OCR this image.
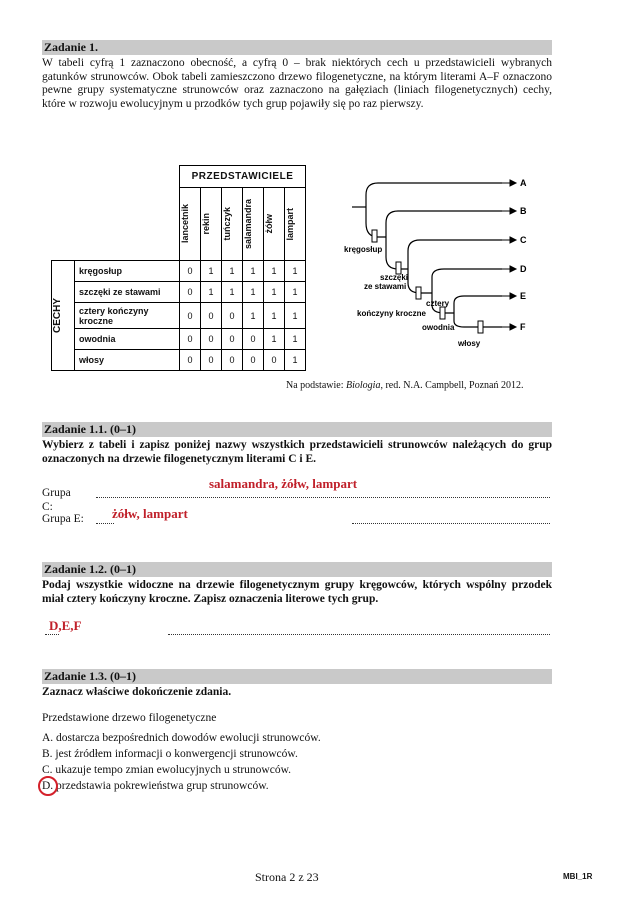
Zadanie 1.
W tabeli cyfrą 1 zaznaczono obecność, a cyfrą 0 – brak niektórych cech u przedstawicieli wybranych gatunków strunowców. Obok tabeli zamieszczono drzewo filogenetyczne, na którym literami A–F oznaczono pewne grupy systematyczne strunowców oraz zaznaczono na gałęziach (liniach filogenetycznych) cechy, które w rozwoju ewolucyjnym u przodków tych grup pojawiły się po raz pierwszy.
		PRZEDSTAWICIELE					

		lancetnik	rekin	tuńczyk	salamandra	żółw	lampart

CECHY	kręgosłup	0	1	1	1	1	1
	szczęki ze stawami	0	1	1	1	1	1
	cztery kończyny kroczne	0	0	0	1	1	1
	owodnia	0	0	0	0	1	1
	włosy	0	0	0	0	0	1
A
B
C
D
E
F
kręgosłup
szczęki
ze stawami
cztery
kończyny kroczne
owodnia
włosy
Na podstawie: Biologia, red. N.A. Campbell, Poznań 2012.
Zadanie 1.1. (0–1)
Wybierz z tabeli i zapisz poniżej nazwy wszystkich przedstawicieli strunowców należących do grup oznaczonych na drzewie filogenetycznym literami C i E.
Grupa C:
salamandra, żółw, lampart
Grupa E:	żółw, lampart
Zadanie 1.2. (0–1)
Podaj wszystkie widoczne na drzewie filogenetycznym grupy kręgowców, których wspólny przodek miał cztery kończyny kroczne. Zapisz oznaczenia literowe tych grup.
D,E,F
Zadanie 1.3. (0–1)
Zaznacz właściwe dokończenie zdania.
Przedstawione drzewo filogenetyczne
A. dostarcza bezpośrednich dowodów ewolucji strunowców.
B. jest źródłem informacji o konwergencji strunowców.
C. ukazuje tempo zmian ewolucyjnych u strunowców.
D. przedstawia pokrewieństwa grup strunowców.
Strona 2 z 23	MBI_1R
